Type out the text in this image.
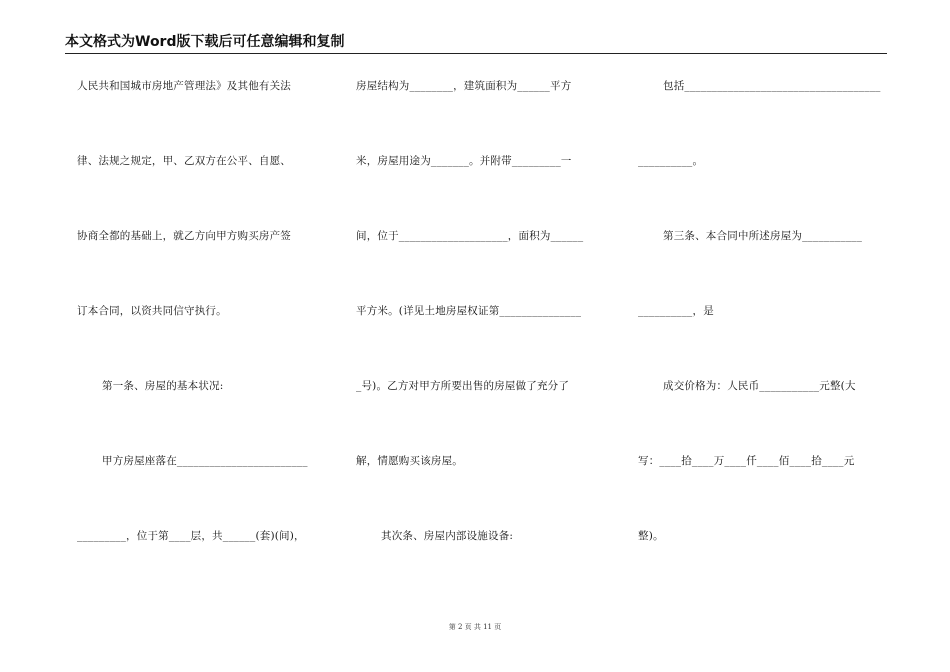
本文格式为Word版下载后可任意编辑和复制
人民共和国城市房地产管理法》及其他有关法
律、法规之规定，甲、乙双方在公平、自愿、
协商全都的基础上，就乙方向甲方购买房产签
订本合同，以资共同信守执行。
第一条、房屋的基本状况:
甲方房屋座落在________________________
_________，位于第____层，共______(套)(间)，
房屋结构为________，建筑面积为______平方
米，房屋用途为_______。并附带_________一
间，位于____________________，面积为______
平方米。(详见土地房屋权证第_______________
_号)。乙方对甲方所要出售的房屋做了充分了
解，情愿购买该房屋。
其次条、房屋内部设施设备:
包括____________________________________
__________。
第三条、本合同中所述房屋为___________
__________，是
成交价格为：人民币___________元整(大
写：____拾____万____仟____佰____拾____元
整)。
第 2 页 共 11 页
